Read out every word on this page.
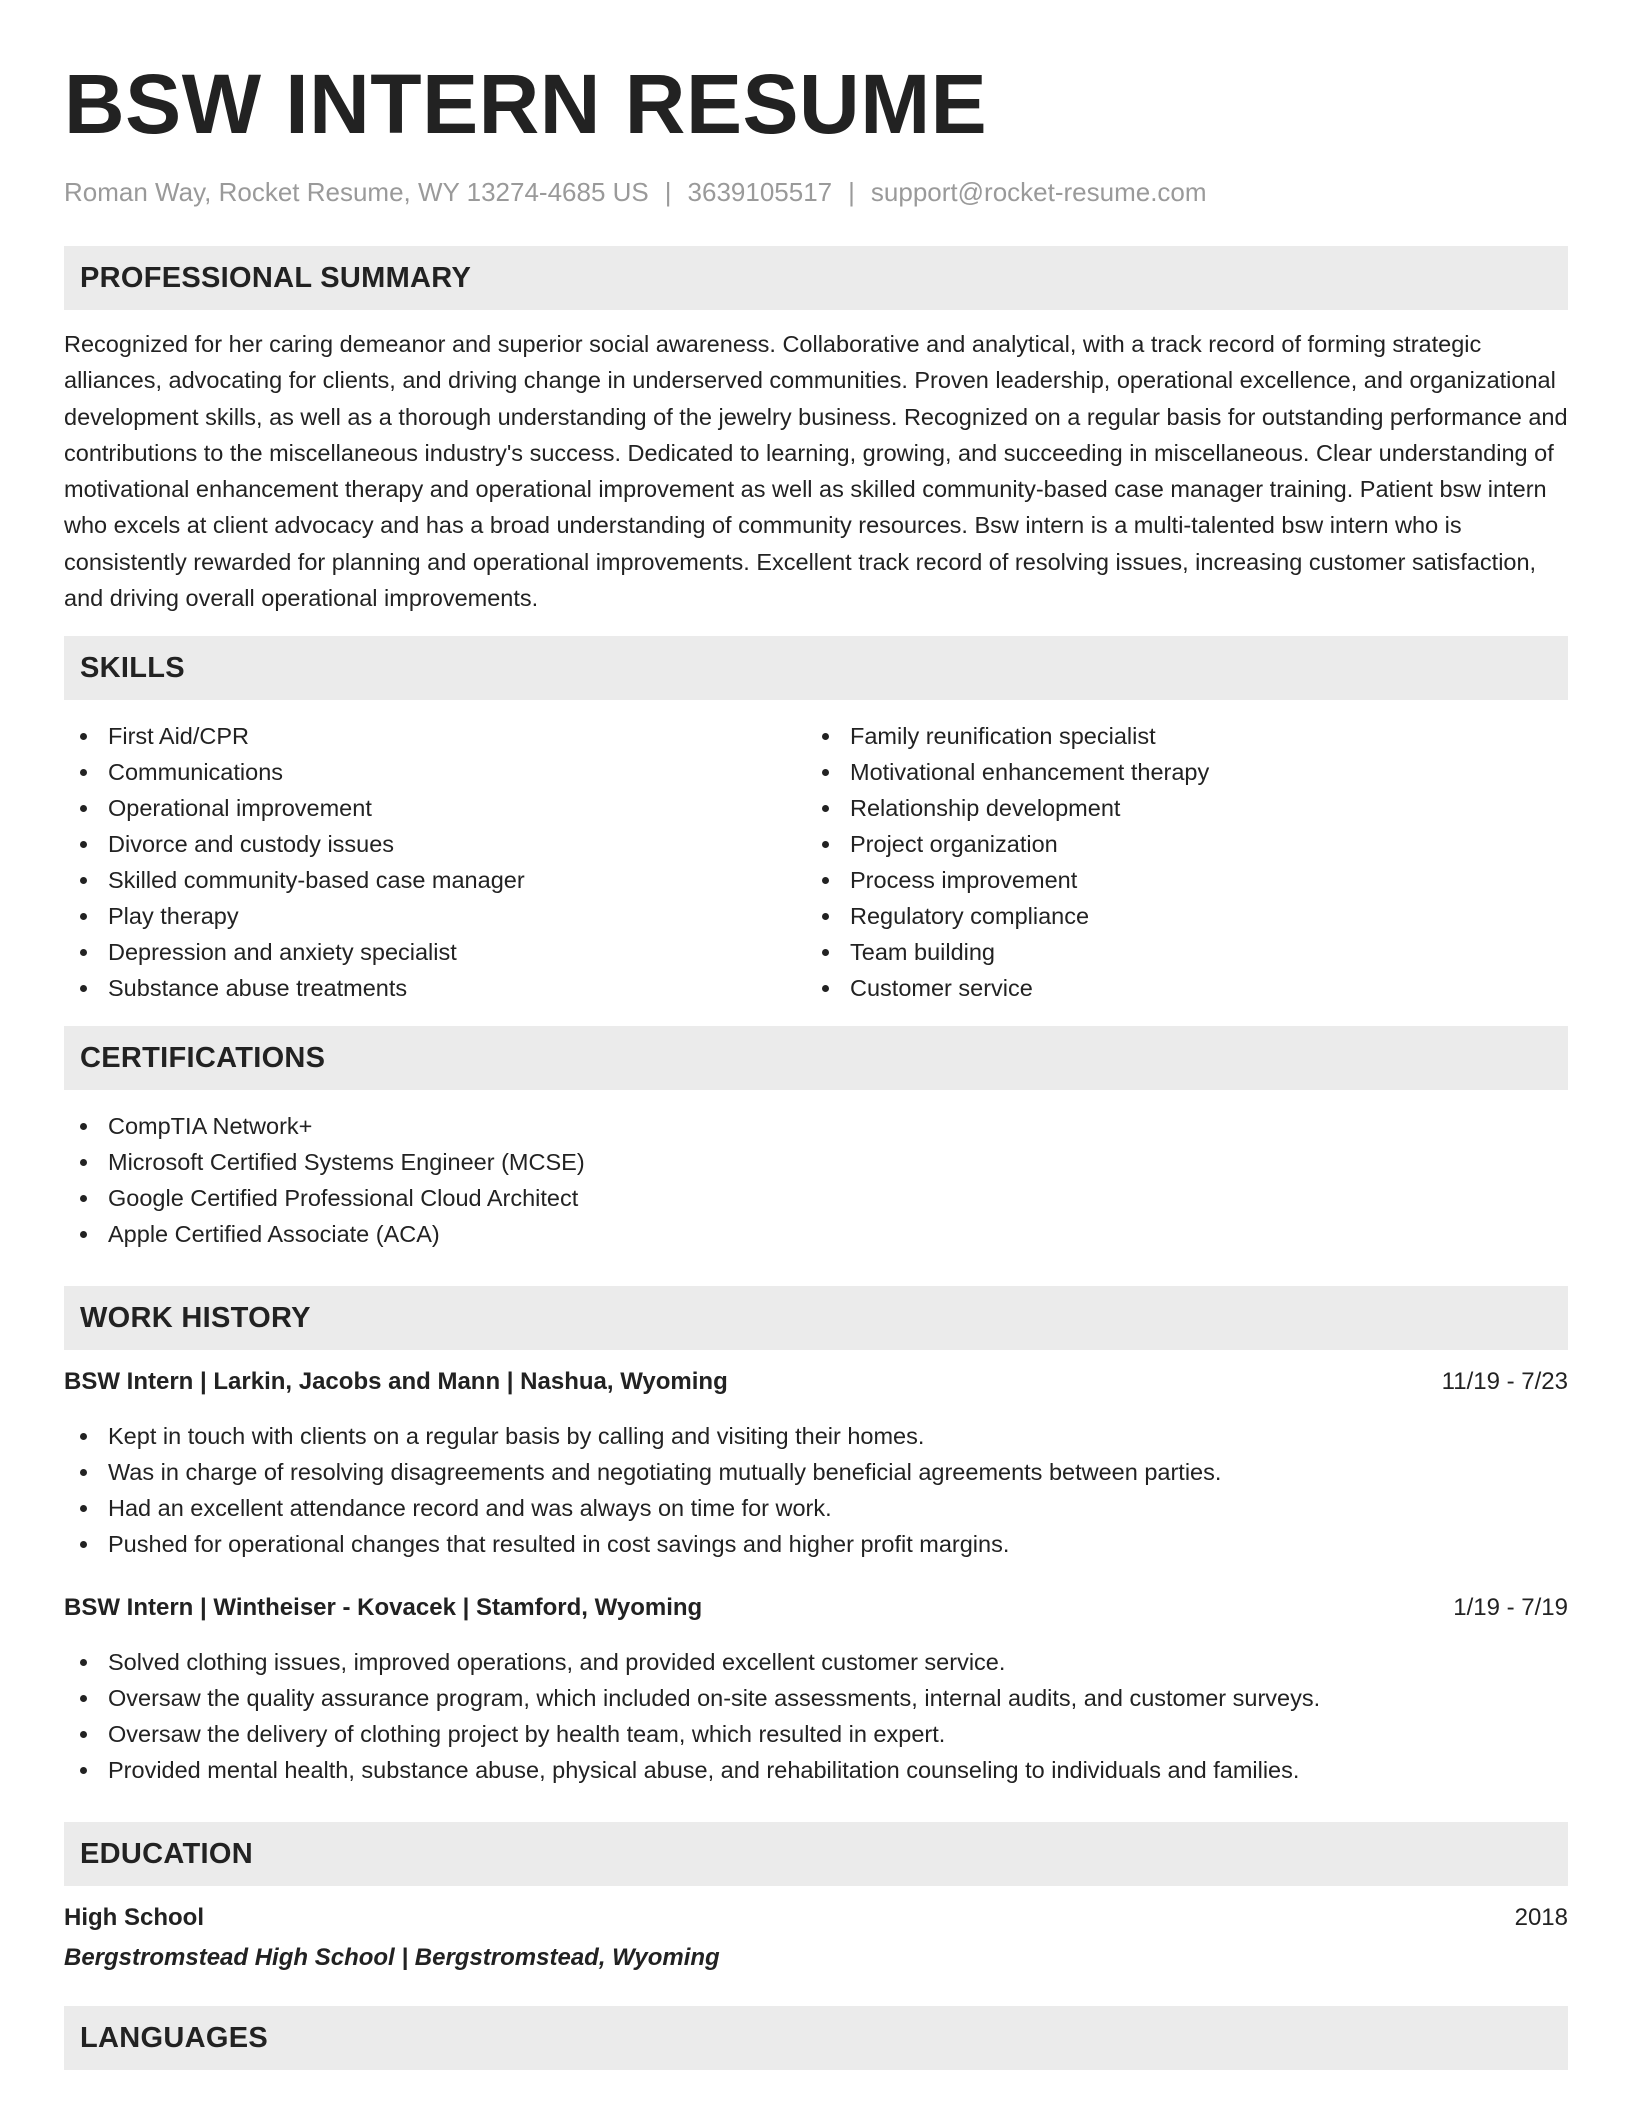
BSW INTERN RESUME
Roman Way, Rocket Resume, WY 13274-4685 US | 3639105517 | support@rocket-resume.com
PROFESSIONAL SUMMARY
Recognized for her caring demeanor and superior social awareness. Collaborative and analytical, with a track record of forming strategic alliances, advocating for clients, and driving change in underserved communities. Proven leadership, operational excellence, and organizational development skills, as well as a thorough understanding of the jewelry business. Recognized on a regular basis for outstanding performance and contributions to the miscellaneous industry's success. Dedicated to learning, growing, and succeeding in miscellaneous. Clear understanding of motivational enhancement therapy and operational improvement as well as skilled community-based case manager training. Patient bsw intern who excels at client advocacy and has a broad understanding of community resources. Bsw intern is a multi-talented bsw intern who is consistently rewarded for planning and operational improvements. Excellent track record of resolving issues, increasing customer satisfaction, and driving overall operational improvements.
SKILLS
First Aid/CPR
Communications
Operational improvement
Divorce and custody issues
Skilled community-based case manager
Play therapy
Depression and anxiety specialist
Substance abuse treatments
Family reunification specialist
Motivational enhancement therapy
Relationship development
Project organization
Process improvement
Regulatory compliance
Team building
Customer service
CERTIFICATIONS
CompTIA Network+
Microsoft Certified Systems Engineer (MCSE)
Google Certified Professional Cloud Architect
Apple Certified Associate (ACA)
WORK HISTORY
BSW Intern | Larkin, Jacobs and Mann | Nashua, Wyoming	11/19 - 7/23
Kept in touch with clients on a regular basis by calling and visiting their homes.
Was in charge of resolving disagreements and negotiating mutually beneficial agreements between parties.
Had an excellent attendance record and was always on time for work.
Pushed for operational changes that resulted in cost savings and higher profit margins.
BSW Intern | Wintheiser - Kovacek | Stamford, Wyoming	1/19 - 7/19
Solved clothing issues, improved operations, and provided excellent customer service.
Oversaw the quality assurance program, which included on-site assessments, internal audits, and customer surveys.
Oversaw the delivery of clothing project by health team, which resulted in expert.
Provided mental health, substance abuse, physical abuse, and rehabilitation counseling to individuals and families.
EDUCATION
High School	2018
Bergstromstead High School | Bergstromstead, Wyoming
LANGUAGES
